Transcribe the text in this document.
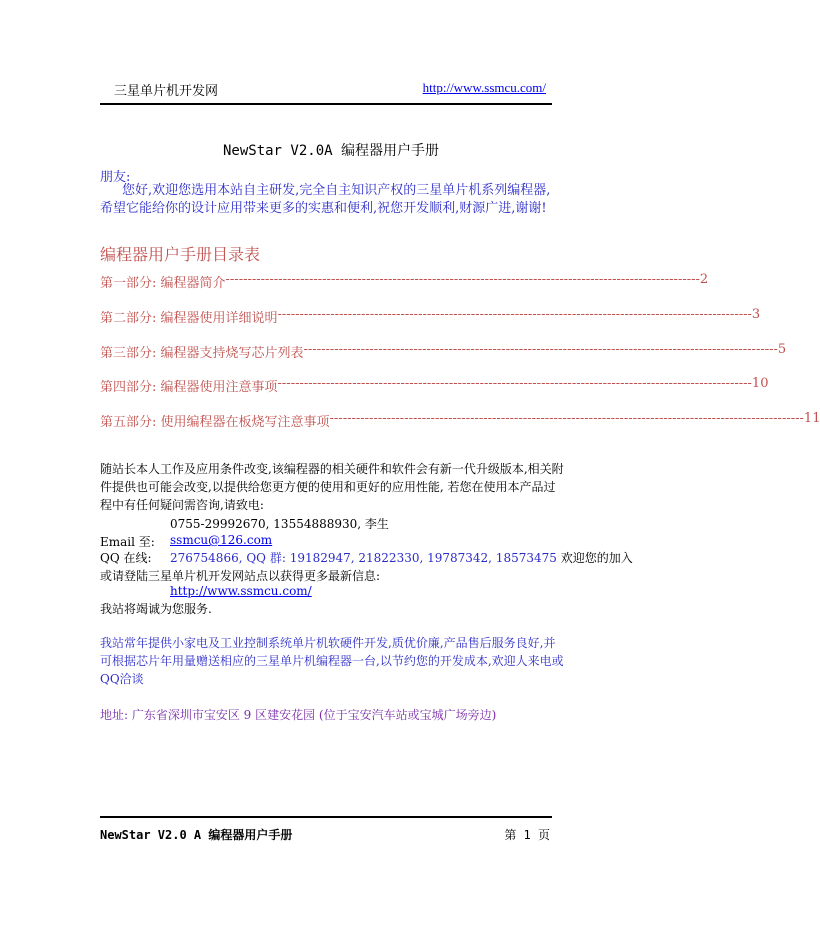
三星单片机开发网	http://www.ssmcu.com/
NewStar V2.0A 编程器用户手册
朋友:
您好,欢迎您选用本站自主研发,完全自主知识产权的三星单片机系列编程器,希望它能给你的设计应用带来更多的实惠和便利,祝您开发顺利,财源广进,谢谢!
编程器用户手册目录表
第一部分: 编程器简介 ------------------------------------------------------------------------------------------------------------ 2
第二部分: 编程器使用详细说明 ------------------------------------------------------------------------------------------------------------ 3
第三部分: 编程器支持烧写芯片列表 ------------------------------------------------------------------------------------------------------------ 5
第四部分: 编程器使用注意事项 ------------------------------------------------------------------------------------------------------------ 10
第五部分: 使用编程器在板烧写注意事项 ------------------------------------------------------------------------------------------------------------ 11
随站长本人工作及应用条件改变,该编程器的相关硬件和软件会有新一代升级版本,相关附件提供也可能会改变,以提供给您更方便的使用和更好的应用性能, 若您在使用本产品过程中有任何疑问需咨询,请致电:
0755-29992670, 13554888930, 李生
Email 至: ssmcu@126.com
QQ 在线: 276754866, QQ 群: 19182947, 21822330, 19787342, 18573475 欢迎您的加入
或请登陆三星单片机开发网站点以获得更多最新信息:
http://www.ssmcu.com/
我站将竭诚为您服务.
我站常年提供小家电及工业控制系统单片机软硬件开发,质优价廉,产品售后服务良好,并可根据芯片年用量赠送相应的三星单片机编程器一台,以节约您的开发成本,欢迎人来电或QQ洽谈
地址: 广东省深圳市宝安区 9 区建安花园 (位于宝安汽车站或宝城广场旁边)
NewStar V2.0 A 编程器用户手册	第 1 页
